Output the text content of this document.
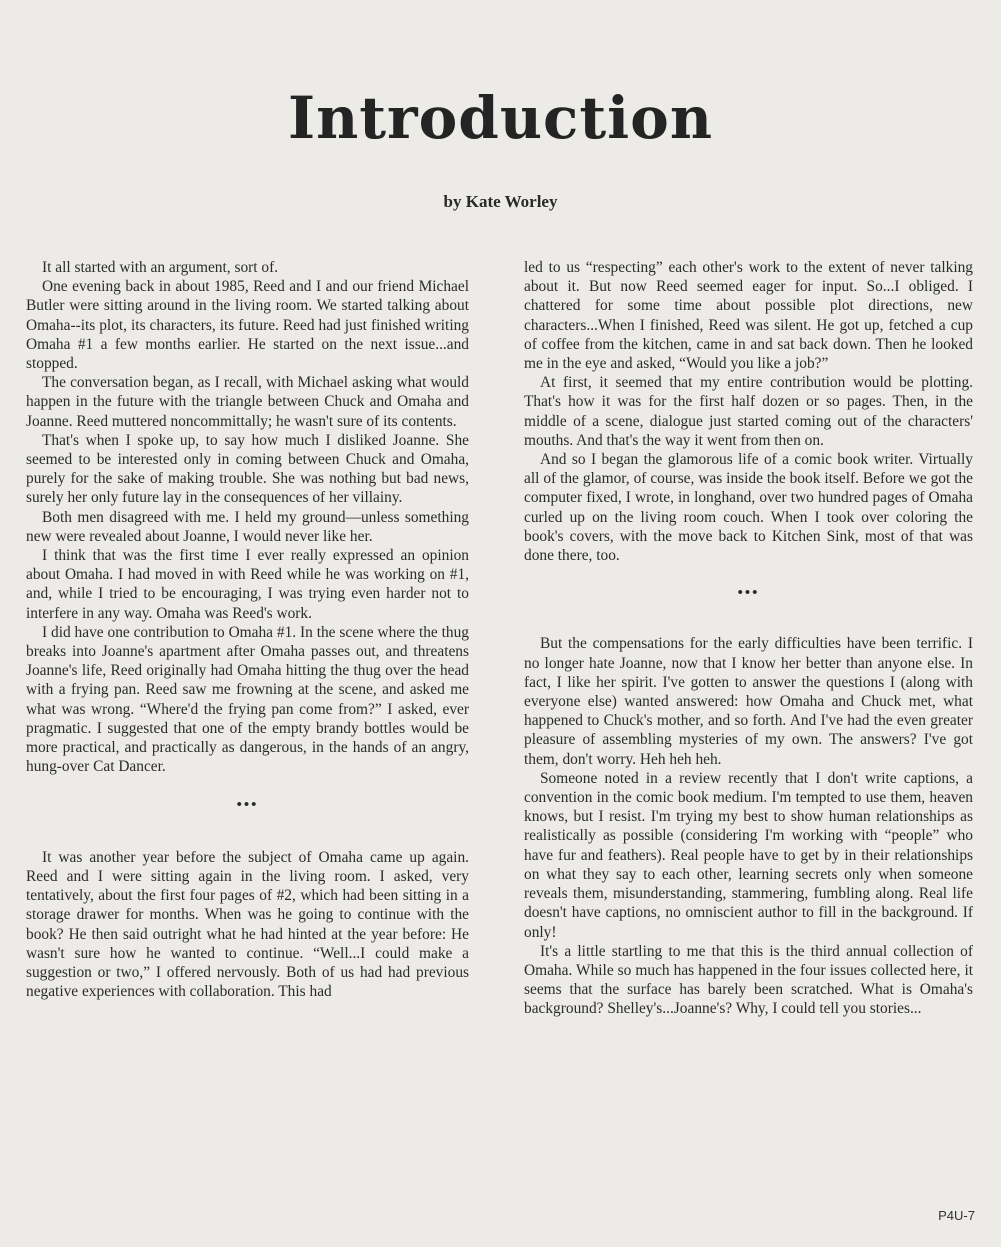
Introduction
by Kate Worley

It all started with an argument, sort of.

One evening back in about 1985, Reed and I and our friend Michael Butler were sitting around in the living room. We started talking about Omaha--its plot, its characters, its future. Reed had just finished writing Omaha #1 a few months earlier. He started on the next issue...and stopped.

The conversation began, as I recall, with Michael asking what would happen in the future with the triangle between Chuck and Omaha and Joanne. Reed muttered noncommittally; he wasn't sure of its contents.

That's when I spoke up, to say how much I disliked Joanne. She seemed to be interested only in coming between Chuck and Omaha, purely for the sake of making trouble. She was nothing but bad news, surely her only future lay in the consequences of her villainy.

Both men disagreed with me. I held my ground—unless something new were revealed about Joanne, I would never like her.

I think that was the first time I ever really expressed an opinion about Omaha. I had moved in with Reed while he was working on #1, and, while I tried to be encouraging, I was trying even harder not to interfere in any way. Omaha was Reed's work.

I did have one contribution to Omaha #1. In the scene where the thug breaks into Joanne's apartment after Omaha passes out, and threatens Joanne's life, Reed originally had Omaha hitting the thug over the head with a frying pan. Reed saw me frowning at the scene, and asked me what was wrong. “Where'd the frying pan come from?” I asked, ever pragmatic. I suggested that one of the empty brandy bottles would be more practical, and practically as dangerous, in the hands of an angry, hung-over Cat Dancer.

•••

It was another year before the subject of Omaha came up again. Reed and I were sitting again in the living room. I asked, very tentatively, about the first four pages of #2, which had been sitting in a storage drawer for months. When was he going to continue with the book? He then said outright what he had hinted at the year before: He wasn't sure how he wanted to continue. “Well...I could make a suggestion or two,” I offered nervously. Both of us had had previous negative experiences with collaboration. This had

led to us “respecting” each other's work to the extent of never talking about it. But now Reed seemed eager for input. So...I obliged. I chattered for some time about possible plot directions, new characters...When I finished, Reed was silent. He got up, fetched a cup of coffee from the kitchen, came in and sat back down. Then he looked me in the eye and asked, “Would you like a job?”

At first, it seemed that my entire contribution would be plotting. That's how it was for the first half dozen or so pages. Then, in the middle of a scene, dialogue just started coming out of the characters' mouths. And that's the way it went from then on.

And so I began the glamorous life of a comic book writer. Virtually all of the glamor, of course, was inside the book itself. Before we got the computer fixed, I wrote, in longhand, over two hundred pages of Omaha curled up on the living room couch. When I took over coloring the book's covers, with the move back to Kitchen Sink, most of that was done there, too.

•••

But the compensations for the early difficulties have been terrific. I no longer hate Joanne, now that I know her better than anyone else. In fact, I like her spirit. I've gotten to answer the questions I (along with everyone else) wanted answered: how Omaha and Chuck met, what happened to Chuck's mother, and so forth. And I've had the even greater pleasure of assembling mysteries of my own. The answers? I've got them, don't worry. Heh heh heh.

Someone noted in a review recently that I don't write captions, a convention in the comic book medium. I'm tempted to use them, heaven knows, but I resist. I'm trying my best to show human relationships as realistically as possible (considering I'm working with “people” who have fur and feathers). Real people have to get by in their relationships on what they say to each other, learning secrets only when someone reveals them, misunderstanding, stammering, fumbling along. Real life doesn't have captions, no omniscient author to fill in the background. If only!

It's a little startling to me that this is the third annual collection of Omaha. While so much has happened in the four issues collected here, it seems that the surface has barely been scratched. What is Omaha's background? Shelley's...Joanne's? Why, I could tell you stories...

P4U-7
